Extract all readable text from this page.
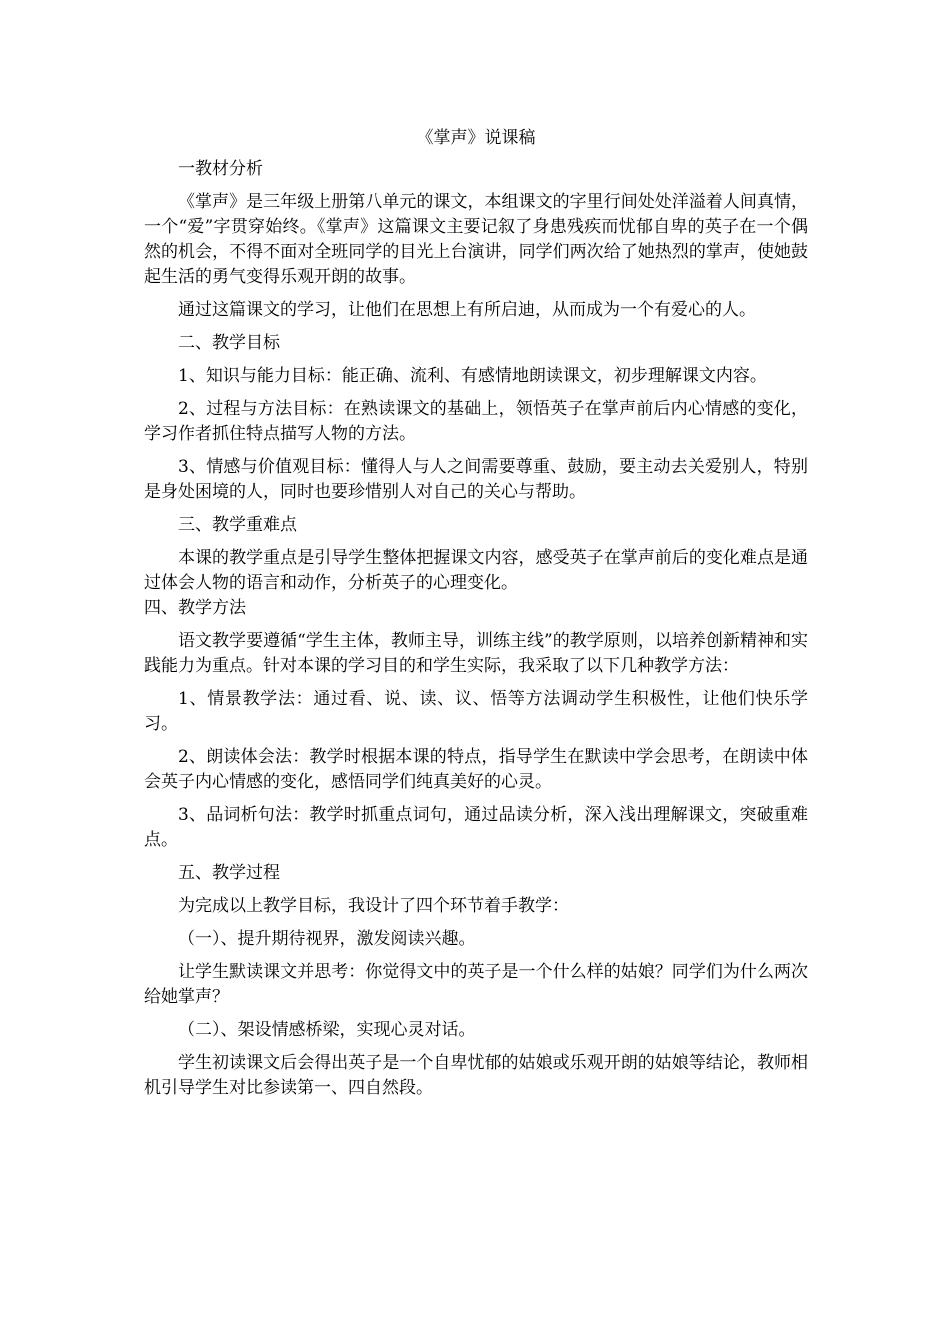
《掌声》说课稿
一教材分析
《掌声》是三年级上册第八单元的课文，本组课文的字里行间处处洋溢着人间真情，一个“爱”字贯穿始终。《掌声》这篇课文主要记叙了身患残疾而忧郁自卑的英子在一个偶然的机会，不得不面对全班同学的目光上台演讲，同学们两次给了她热烈的掌声，使她鼓起生活的勇气变得乐观开朗的故事。
通过这篇课文的学习，让他们在思想上有所启迪，从而成为一个有爱心的人。
二、教学目标
1、知识与能力目标：能正确、流利、有感情地朗读课文，初步理解课文内容。
2、过程与方法目标：在熟读课文的基础上，领悟英子在掌声前后内心情感的变化，学习作者抓住特点描写人物的方法。
3、情感与价值观目标：懂得人与人之间需要尊重、鼓励，要主动去关爱别人，特别是身处困境的人，同时也要珍惜别人对自己的关心与帮助。
三、教学重难点
本课的教学重点是引导学生整体把握课文内容，感受英子在掌声前后的变化难点是通过体会人物的语言和动作，分析英子的心理变化。
四、教学方法
语文教学要遵循“学生主体，教师主导，训练主线”的教学原则，以培养创新精神和实践能力为重点。针对本课的学习目的和学生实际，我采取了以下几种教学方法：
1、情景教学法：通过看、说、读、议、悟等方法调动学生积极性，让他们快乐学习。
2、朗读体会法：教学时根据本课的特点，指导学生在默读中学会思考，在朗读中体会英子内心情感的变化，感悟同学们纯真美好的心灵。
3、品词析句法：教学时抓重点词句，通过品读分析，深入浅出理解课文，突破重难点。
五、教学过程
为完成以上教学目标，我设计了四个环节着手教学：
（一）、提升期待视界，激发阅读兴趣。
让学生默读课文并思考：你觉得文中的英子是一个什么样的姑娘？同学们为什么两次给她掌声？
（二）、架设情感桥梁，实现心灵对话。
学生初读课文后会得出英子是一个自卑忧郁的姑娘或乐观开朗的姑娘等结论，教师相机引导学生对比参读第一、四自然段。
